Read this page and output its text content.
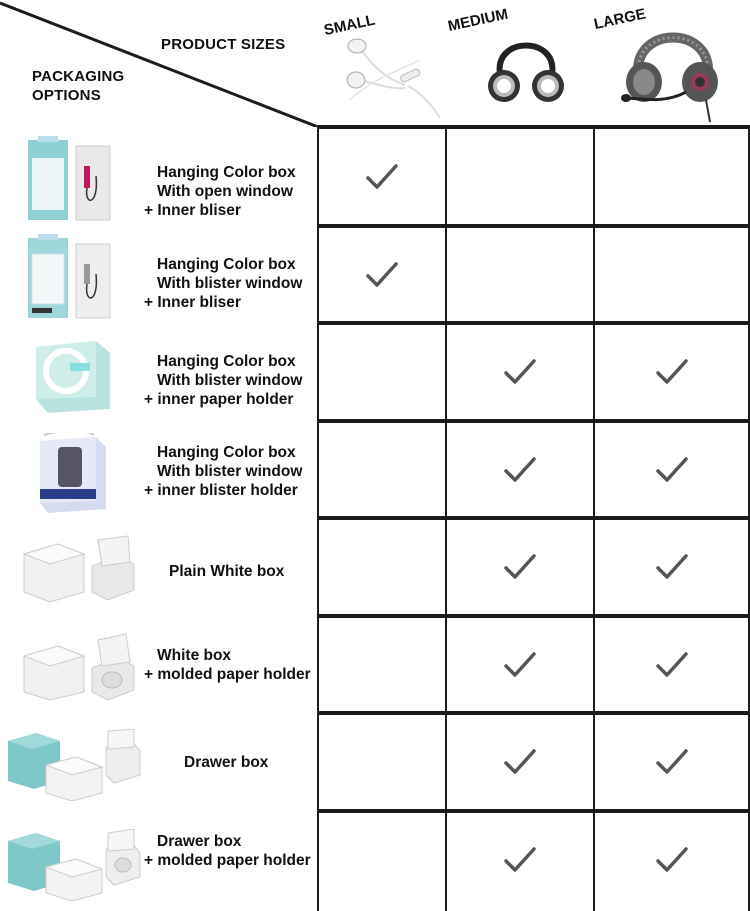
PRODUCT SIZES
PACKAGING
OPTIONS
SMALL	MEDIUM	LARGE
Hanging Color box
With open window
+ Inner bliser
Hanging Color box
With blister window
+ Inner bliser
Hanging Color box
With blister window
+ inner paper holder
Hanging Color box
With blister window
+ inner blister holder
Plain White box
White box
+ molded paper holder
Drawer box
Drawer box
+ molded paper holder
